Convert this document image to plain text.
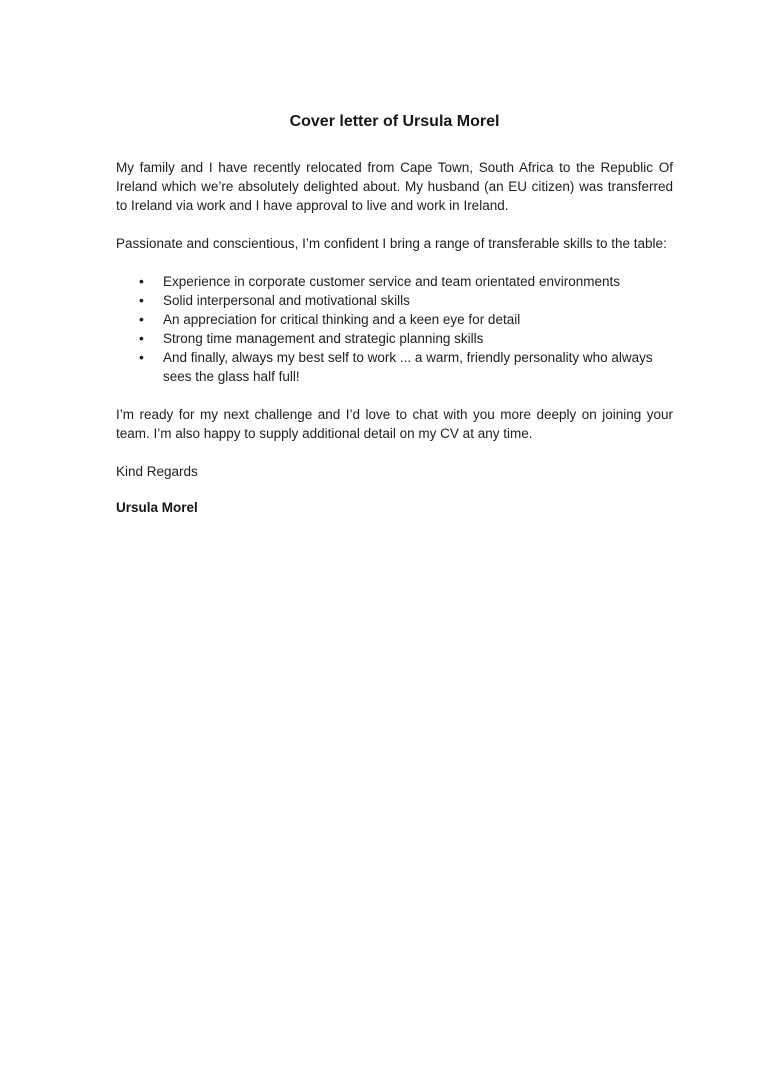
Cover letter of Ursula Morel

My family and I have recently relocated from Cape Town, South Africa to the Republic Of Ireland which we’re absolutely delighted about. My husband (an EU citizen) was transferred to Ireland via work and I have approval to live and work in Ireland.

Passionate and conscientious, I’m confident I bring a range of transferable skills to the table:

• Experience in corporate customer service and team orientated environments
• Solid interpersonal and motivational skills
• An appreciation for critical thinking and a keen eye for detail
• Strong time management and strategic planning skills
• And finally, always my best self to work ... a warm, friendly personality who always sees the glass half full!

I’m ready for my next challenge and I’d love to chat with you more deeply on joining your team. I’m also happy to supply additional detail on my CV at any time.

Kind Regards

Ursula Morel
